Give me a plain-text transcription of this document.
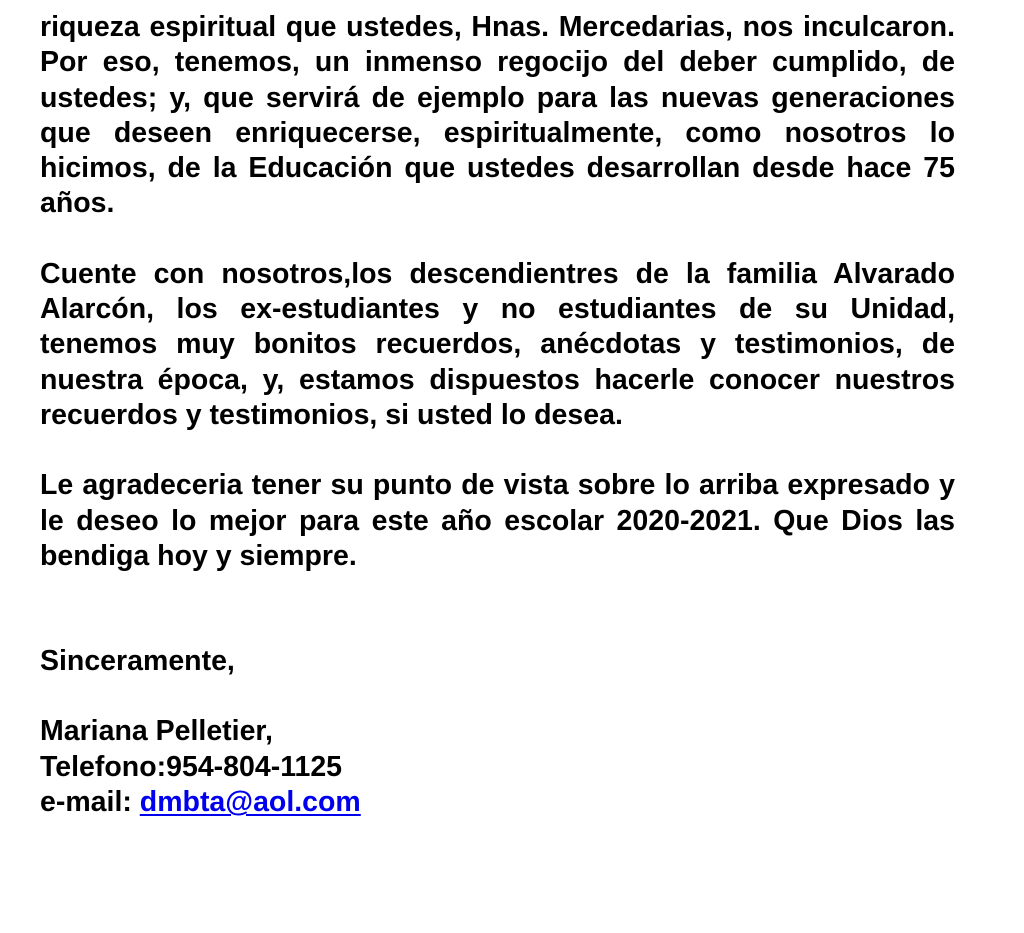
riqueza espiritual que ustedes, Hnas. Mercedarias, nos inculcaron. Por eso, tenemos, un inmenso regocijo del deber cumplido, de ustedes; y, que servirá de ejemplo para las nuevas generaciones que deseen enriquecerse, espiritualmente, como nosotros lo hicimos, de la Educación que ustedes desarrollan desde hace 75 años.

Cuente con nosotros,los descendientres de la familia Alvarado Alarcón, los ex-estudiantes y no estudiantes de su Unidad, tenemos muy bonitos recuerdos, anécdotas y testimonios, de nuestra época, y, estamos dispuestos hacerle conocer nuestros recuerdos y testimonios, si usted lo desea.

Le agradeceria tener su punto de vista sobre lo arriba expresado y le deseo lo mejor para este año escolar 2020-2021. Que Dios las bendiga hoy y siempre.

Sinceramente,

Mariana Pelletier,

Telefono:954-804-1125

e-mail: dmbta@aol.com
